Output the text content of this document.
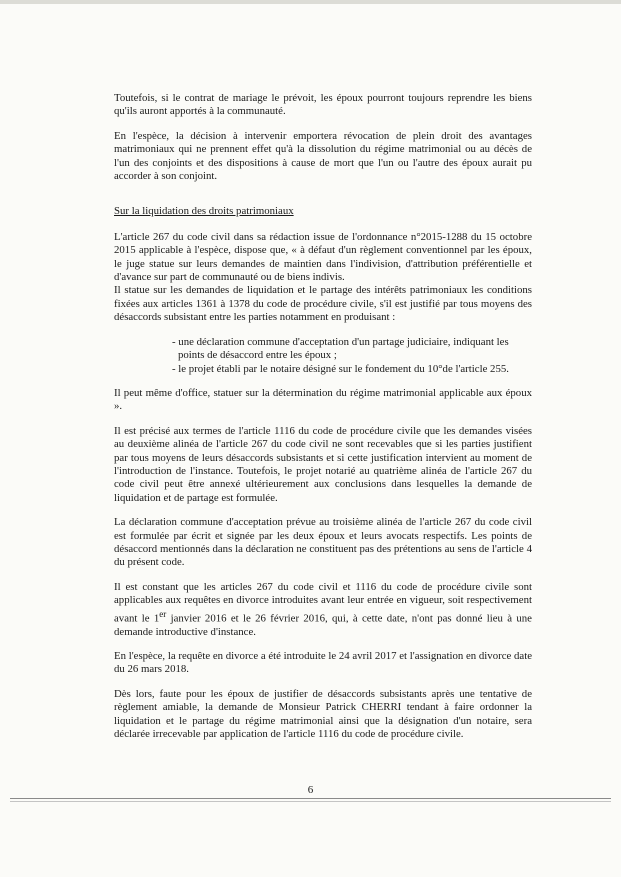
Toutefois, si le contrat de mariage le prévoit, les époux pourront toujours reprendre les biens qu'ils auront apportés à la communauté.

En l'espèce, la décision à intervenir emportera révocation de plein droit des avantages matrimoniaux qui ne prennent effet qu'à la dissolution du régime matrimonial ou au décès de l'un des conjoints et des dispositions à cause de mort que l'un ou l'autre des époux aurait pu accorder à son conjoint.

Sur la liquidation des droits patrimoniaux
L'article 267 du code civil dans sa rédaction issue de l'ordonnance n°2015-1288 du 15 octobre 2015 applicable à l'espèce, dispose que, « à défaut d'un règlement conventionnel par les époux, le juge statue sur leurs demandes de maintien dans l'indivision, d'attribution préférentielle et d'avance sur part de communauté ou de biens indivis.
Il statue sur les demandes de liquidation et le partage des intérêts patrimoniaux les conditions fixées aux articles 1361 à 1378 du code de procédure civile, s'il est justifié par tous moyens des désaccords subsistant entre les parties notamment en produisant :
- une déclaration commune d'acceptation d'un partage judiciaire, indiquant les
points de désaccord entre les époux ;
- le projet établi par le notaire désigné sur le fondement du 10°de l'article 255.

Il peut même d'office, statuer sur la détermination du régime matrimonial applicable aux époux ».

Il est précisé aux termes de l'article 1116 du code de procédure civile que les demandes visées au deuxième alinéa de l'article 267 du code civil ne sont recevables que si les parties justifient par tous moyens de leurs désaccords subsistants et si cette justification intervient au moment de l'introduction de l'instance. Toutefois, le projet notarié au quatrième alinéa de l'article 267 du code civil peut être annexé ultérieurement aux conclusions dans lesquelles la demande de liquidation et de partage est formulée.

La déclaration commune d'acceptation prévue au troisième alinéa de l'article 267 du code civil est formulée par écrit et signée par les deux époux et leurs avocats respectifs. Les points de désaccord mentionnés dans la déclaration ne constituent pas des prétentions au sens de l'article 4 du présent code.

Il est constant que les articles 267 du code civil et 1116 du code de procédure civile sont applicables aux requêtes en divorce introduites avant leur entrée en vigueur, soit respectivement avant le 1er janvier 2016 et le 26 février 2016, qui, à cette date, n'ont pas donné lieu à une demande introductive d'instance.

En l'espèce, la requête en divorce a été introduite le 24 avril 2017 et l'assignation en divorce date du 26 mars 2018.

Dès lors, faute pour les époux de justifier de désaccords subsistants après une tentative de règlement amiable, la demande de Monsieur Patrick CHERRI tendant à faire ordonner la liquidation et le partage du régime matrimonial ainsi que la désignation d'un notaire, sera déclarée irrecevable par application de l'article 1116 du code de procédure civile.

6
